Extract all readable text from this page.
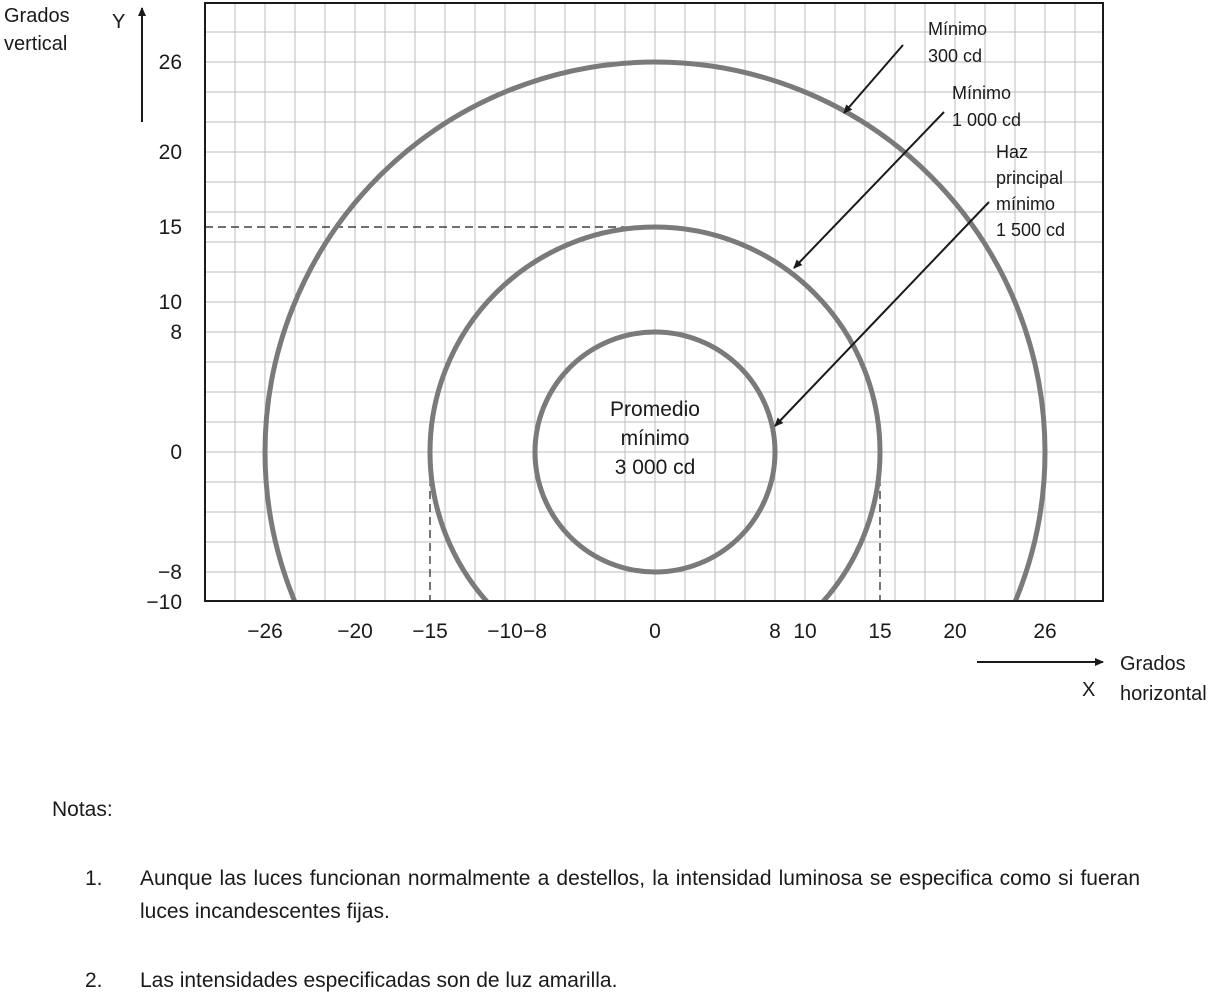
26
20
15
10
8
0
−8
−10
−26	−20 −15 −10 −8	0	8 10 15 20	26
Grados
vertical
Y
X
Grados
horizontal
Mínimo
300 cd
Mínimo
1 000 cd
Haz
principal
mínimo
1 500 cd
Promedio
mínimo
3 000 cd
Notas:
1.	Aunque las luces funcionan normalmente a destellos, la intensidad luminosa se especifica como si fueran luces incandescentes fijas.
2.	Las intensidades especificadas son de luz amarilla.
